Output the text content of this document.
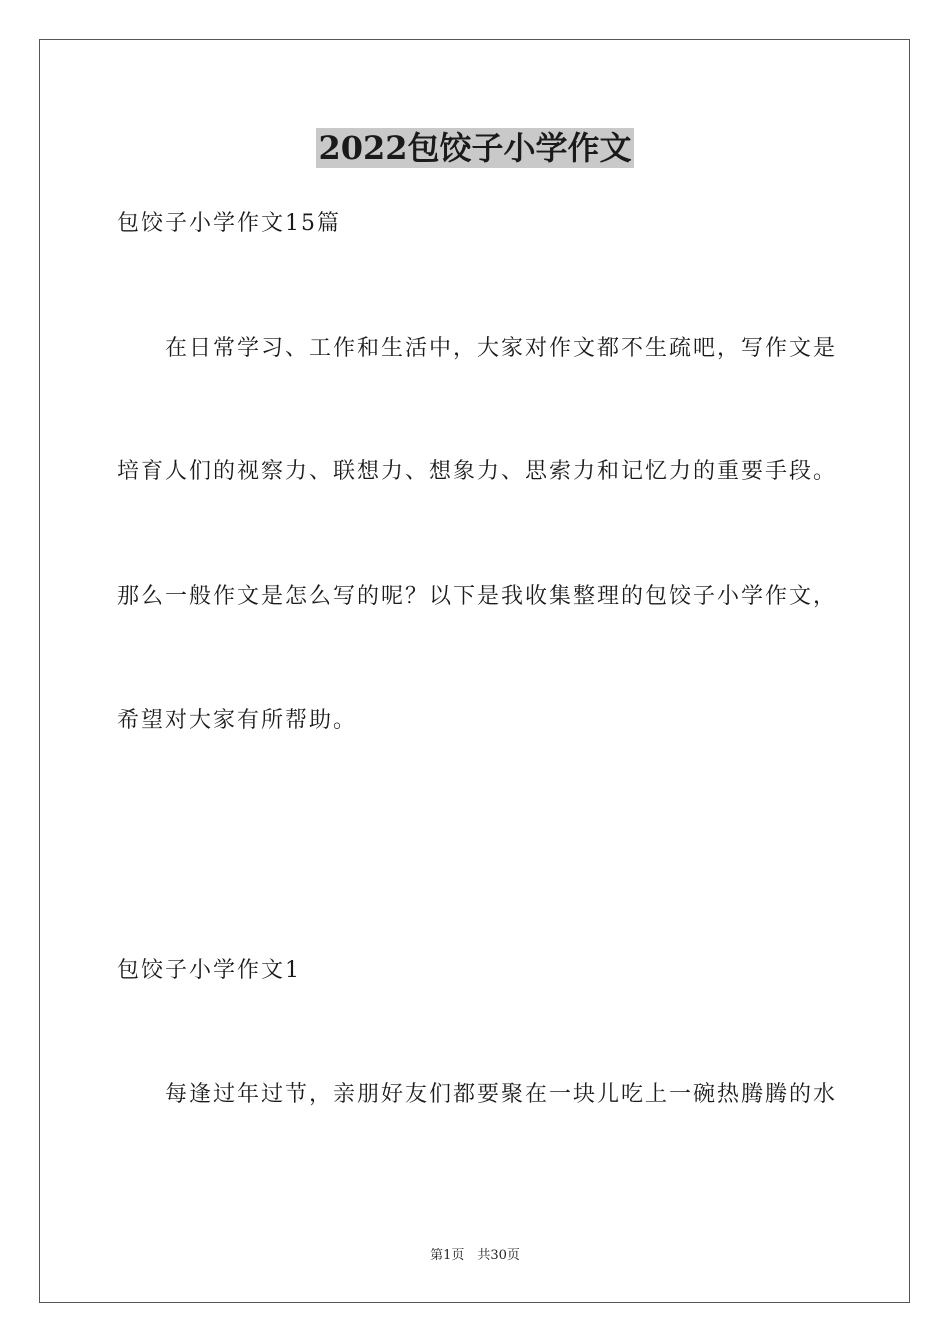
2022包饺子小学作文
包饺子小学作文15篇
在日常学习、工作和生活中，大家对作文都不生疏吧，写作文是
培育人们的视察力、联想力、想象力、思索力和记忆力的重要手段。
那么一般作文是怎么写的呢？以下是我收集整理的包饺子小学作文，
希望对大家有所帮助。
包饺子小学作文1
每逢过年过节，亲朋好友们都要聚在一块儿吃上一碗热腾腾的水
第1页　共30页
